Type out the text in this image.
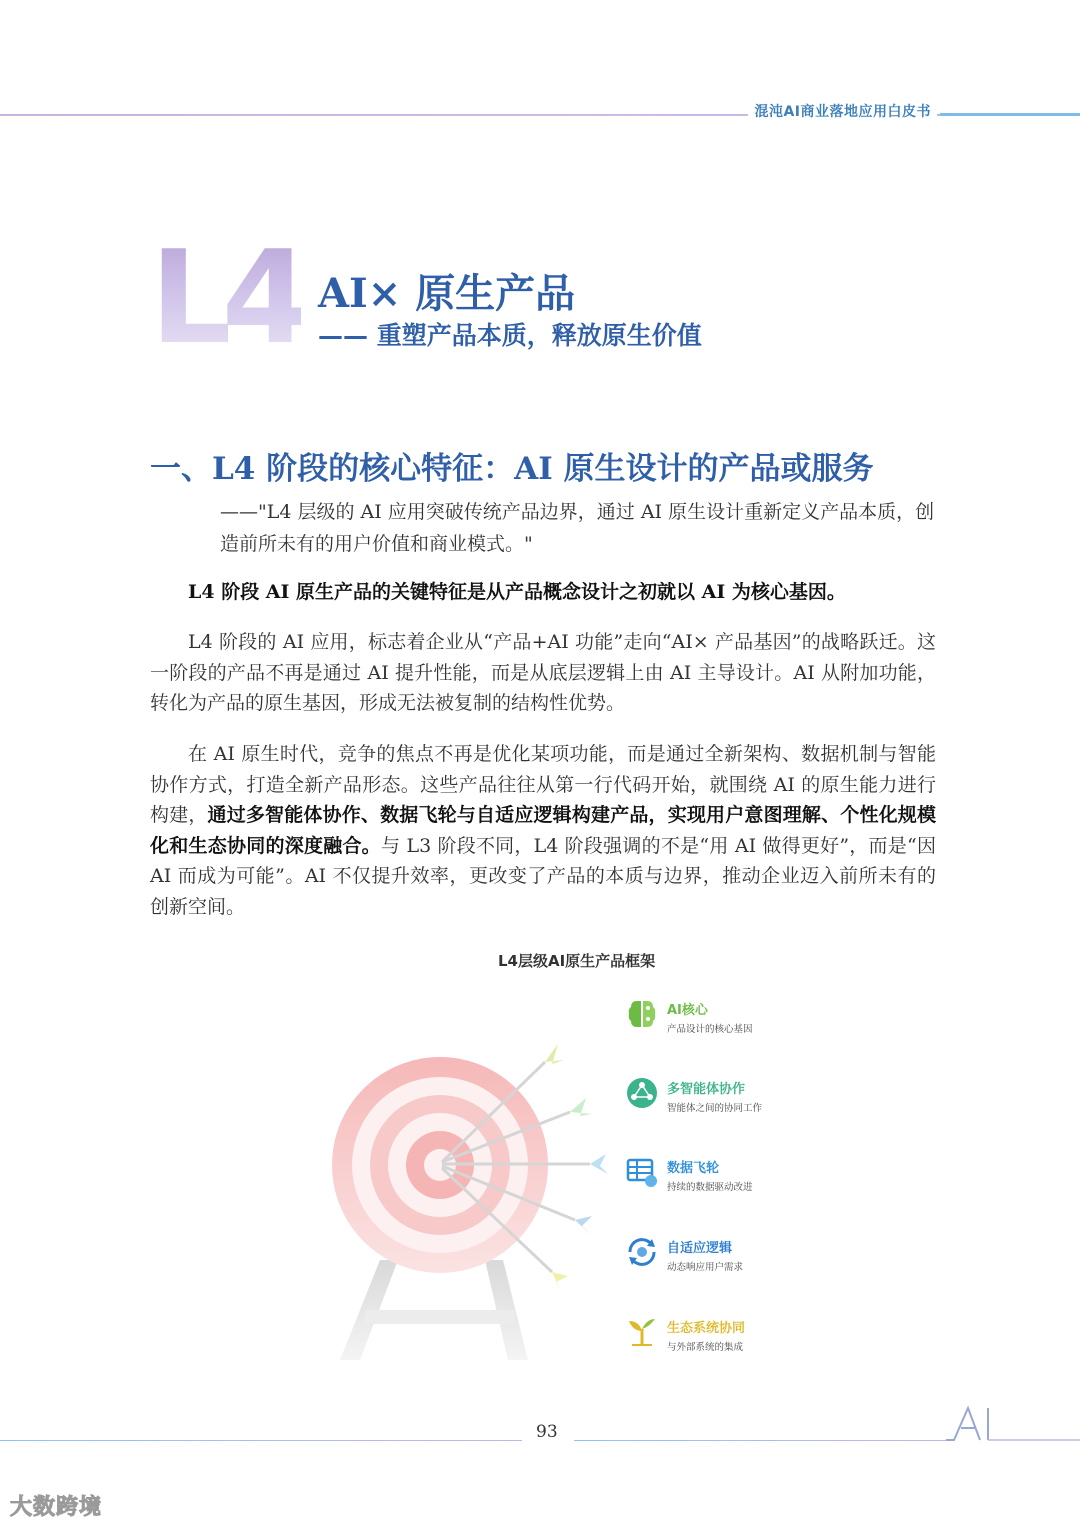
混沌AI商业落地应用白皮书
L4 AI× 原生产品
—— 重塑产品本质，释放原生价值
一、L4 阶段的核心特征：AI 原生设计的产品或服务
——"L4 层级的 AI 应用突破传统产品边界，通过 AI 原生设计重新定义产品本质，创造前所未有的用户价值和商业模式。"
L4 阶段 AI 原生产品的关键特征是从产品概念设计之初就以 AI 为核心基因。

L4 阶段的 AI 应用，标志着企业从“产品+AI 功能”走向“AI× 产品基因”的战略跃迁。这一阶段的产品不再是通过 AI 提升性能，而是从底层逻辑上由 AI 主导设计。AI 从附加功能，转化为产品的原生基因，形成无法被复制的结构性优势。

在 AI 原生时代，竞争的焦点不再是优化某项功能，而是通过全新架构、数据机制与智能协作方式，打造全新产品形态。这些产品往往从第一行代码开始，就围绕 AI 的原生能力进行构建，通过多智能体协作、数据飞轮与自适应逻辑构建产品，实现用户意图理解、个性化规模化和生态协同的深度融合。与 L3 阶段不同，L4 阶段强调的不是“用 AI 做得更好”，而是“因 AI 而成为可能”。AI 不仅提升效率，更改变了产品的本质与边界，推动企业迈入前所未有的创新空间。

L4层级AI原生产品框架
AI核心
产品设计的核心基因
多智能体协作
智能体之间的协同工作
数据飞轮
持续的数据驱动改进
自适应逻辑
动态响应用户需求
生态系统协同
与外部系统的集成
93
大数跨境
